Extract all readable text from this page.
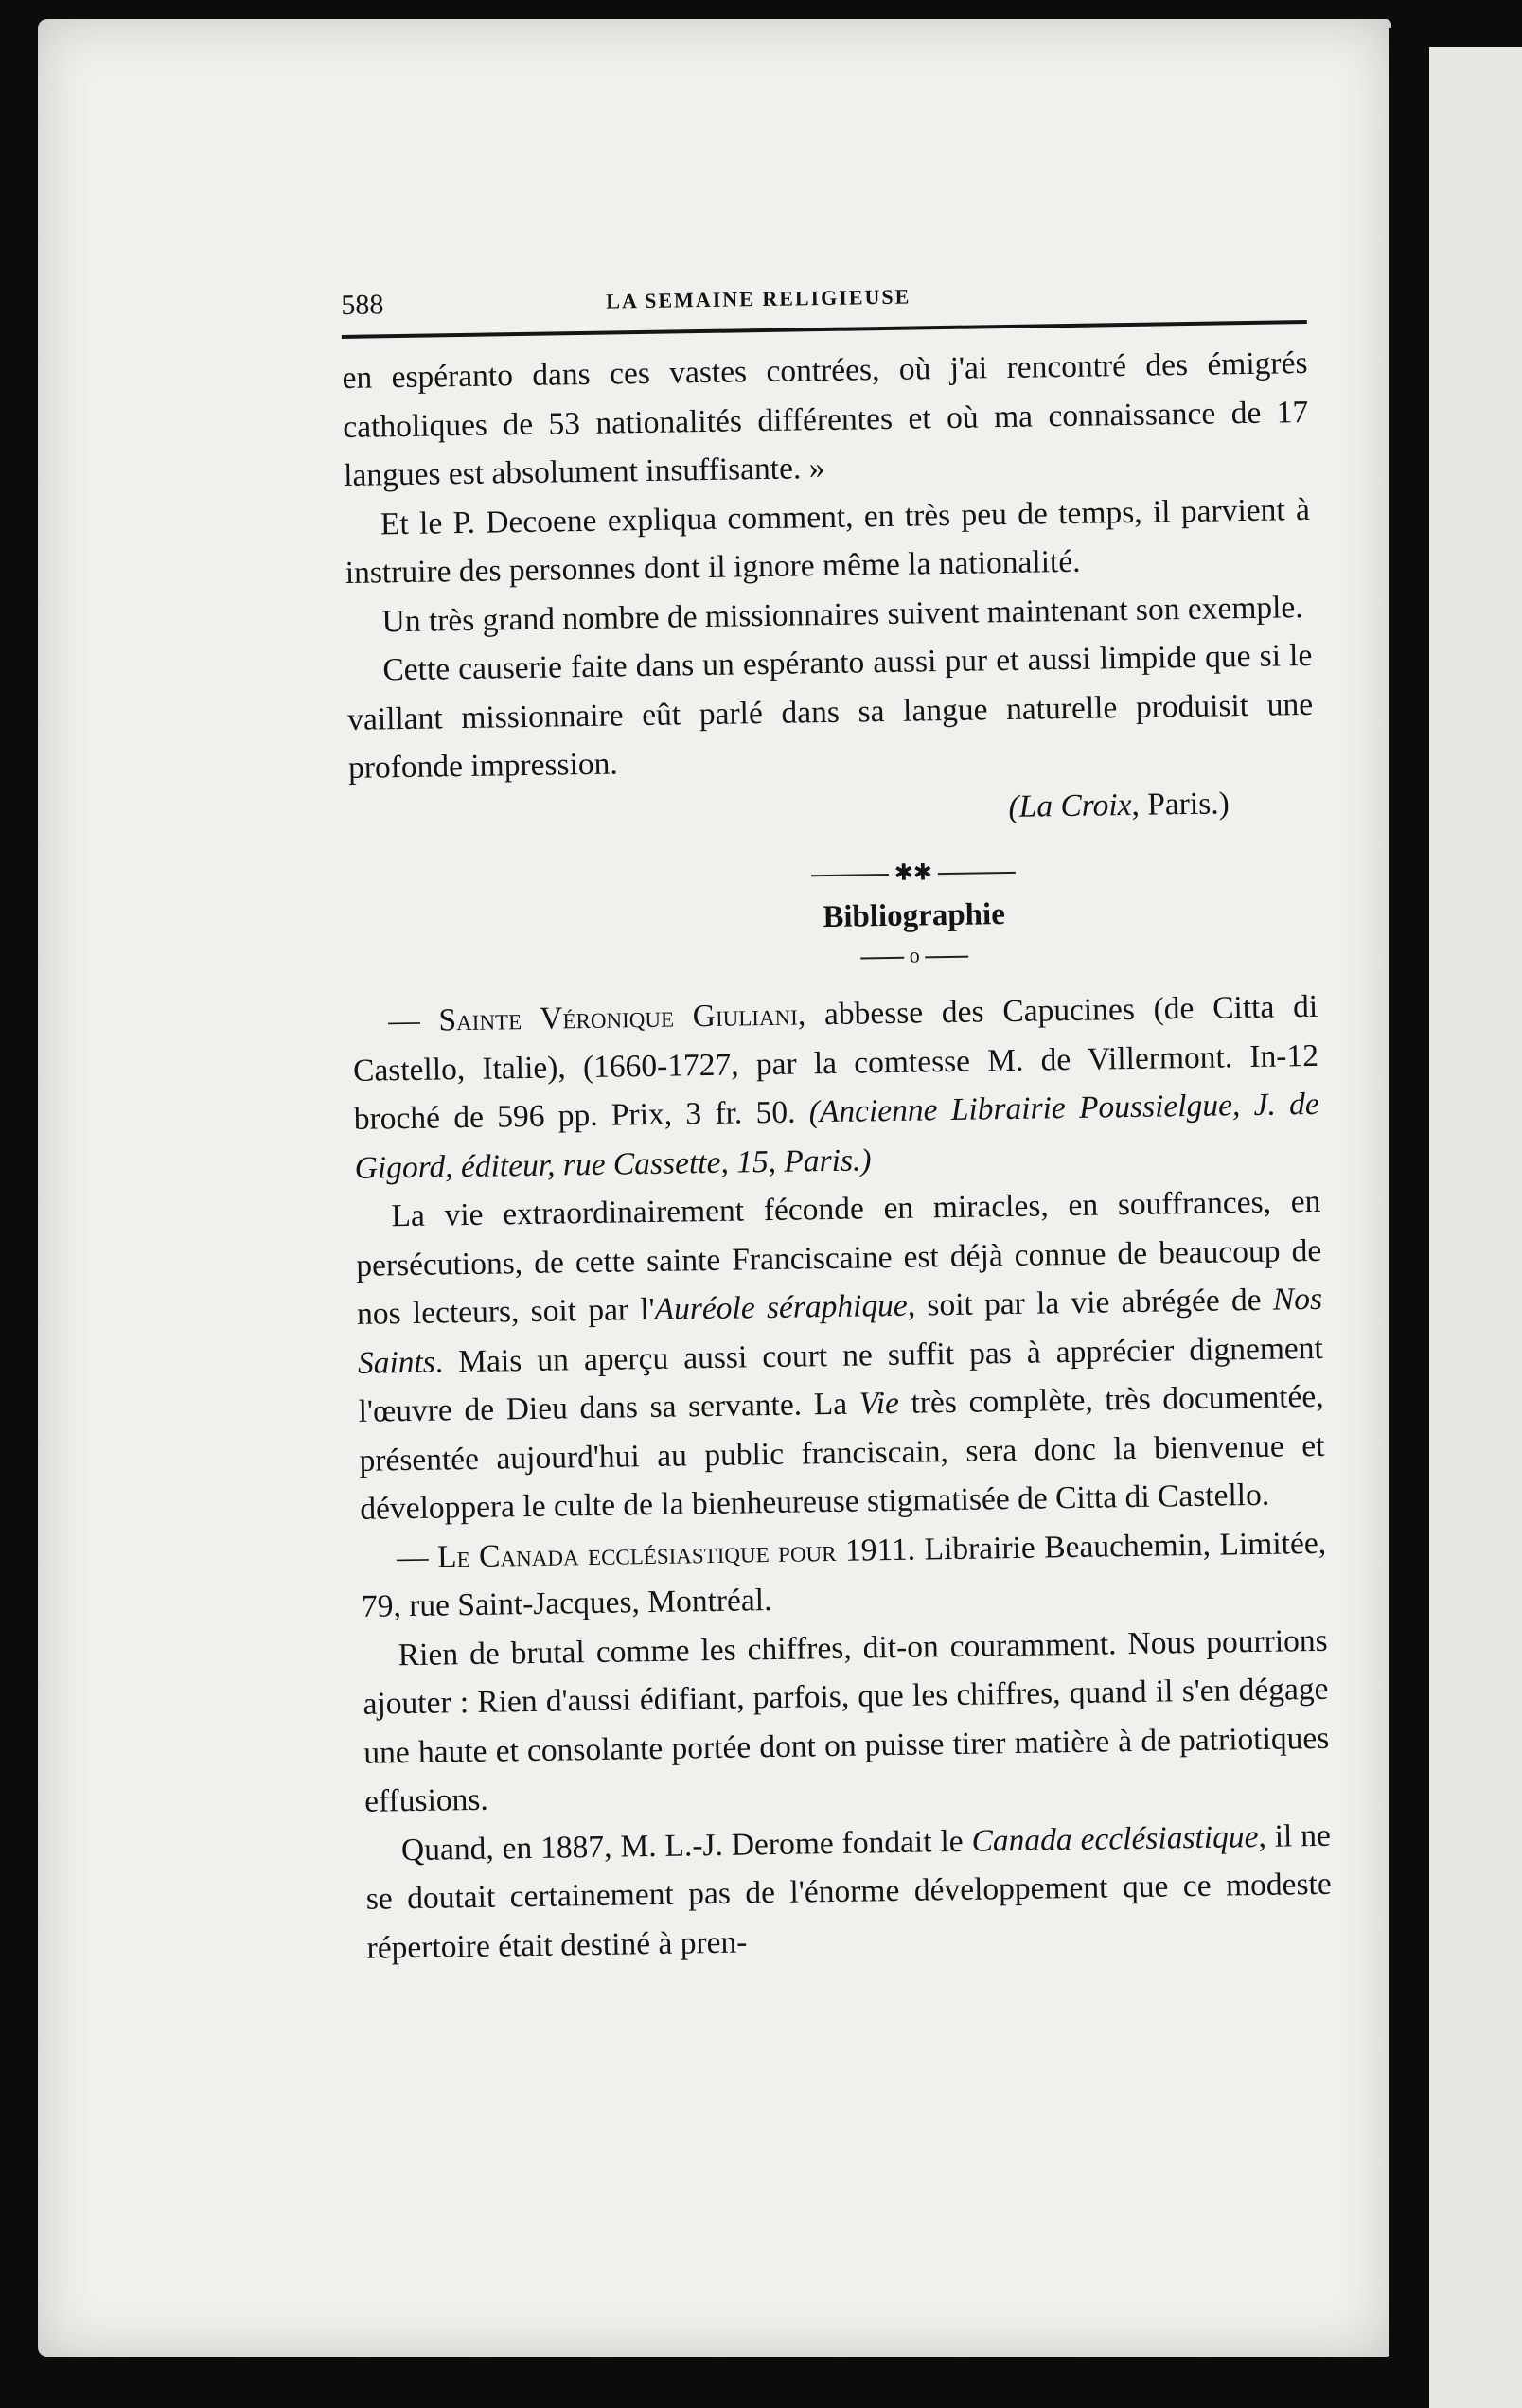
588	LA SEMAINE RELIGIEUSE

en espéranto dans ces vastes contrées, où j'ai rencontré des émigrés catholiques de 53 nationalités différentes et où ma connaissance de 17 langues est absolument insuffisante. »

Et le P. Decoene expliqua comment, en très peu de temps, il parvient à instruire des personnes dont il ignore même la nationalité.

Un très grand nombre de missionnaires suivent maintenant son exemple.

Cette causerie faite dans un espéranto aussi pur et aussi limpide que si le vaillant missionnaire eût parlé dans sa langue naturelle produisit une profonde impression.

(La Croix, Paris.)
✱✱
Bibliographie
o

— Sainte Véronique Giuliani, abbesse des Capucines (de Citta di Castello, Italie), (1660-1727, par la comtesse M. de Villermont. In-12 broché de 596 pp. Prix, 3 fr. 50. (Ancienne Librairie Poussielgue, J. de Gigord, éditeur, rue Cassette, 15, Paris.)

La vie extraordinairement féconde en miracles, en souffrances, en persécutions, de cette sainte Franciscaine est déjà connue de beaucoup de nos lecteurs, soit par l'Auréole séraphique, soit par la vie abrégée de Nos Saints. Mais un aperçu aussi court ne suffit pas à apprécier dignement l'œuvre de Dieu dans sa servante. La Vie très complète, très documentée, présentée aujourd'hui au public franciscain, sera donc la bienvenue et développera le culte de la bienheureuse stigmatisée de Citta di Castello.

— Le Canada ecclésiastique pour 1911. Librairie Beauchemin, Limitée, 79, rue Saint-Jacques, Montréal.

Rien de brutal comme les chiffres, dit-on couramment. Nous pourrions ajouter : Rien d'aussi édifiant, parfois, que les chiffres, quand il s'en dégage une haute et consolante portée dont on puisse tirer matière à de patriotiques effusions.

Quand, en 1887, M. L.-J. Derome fondait le Canada ecclésiastique, il ne se doutait certainement pas de l'énorme développement que ce modeste répertoire était destiné à pren-
